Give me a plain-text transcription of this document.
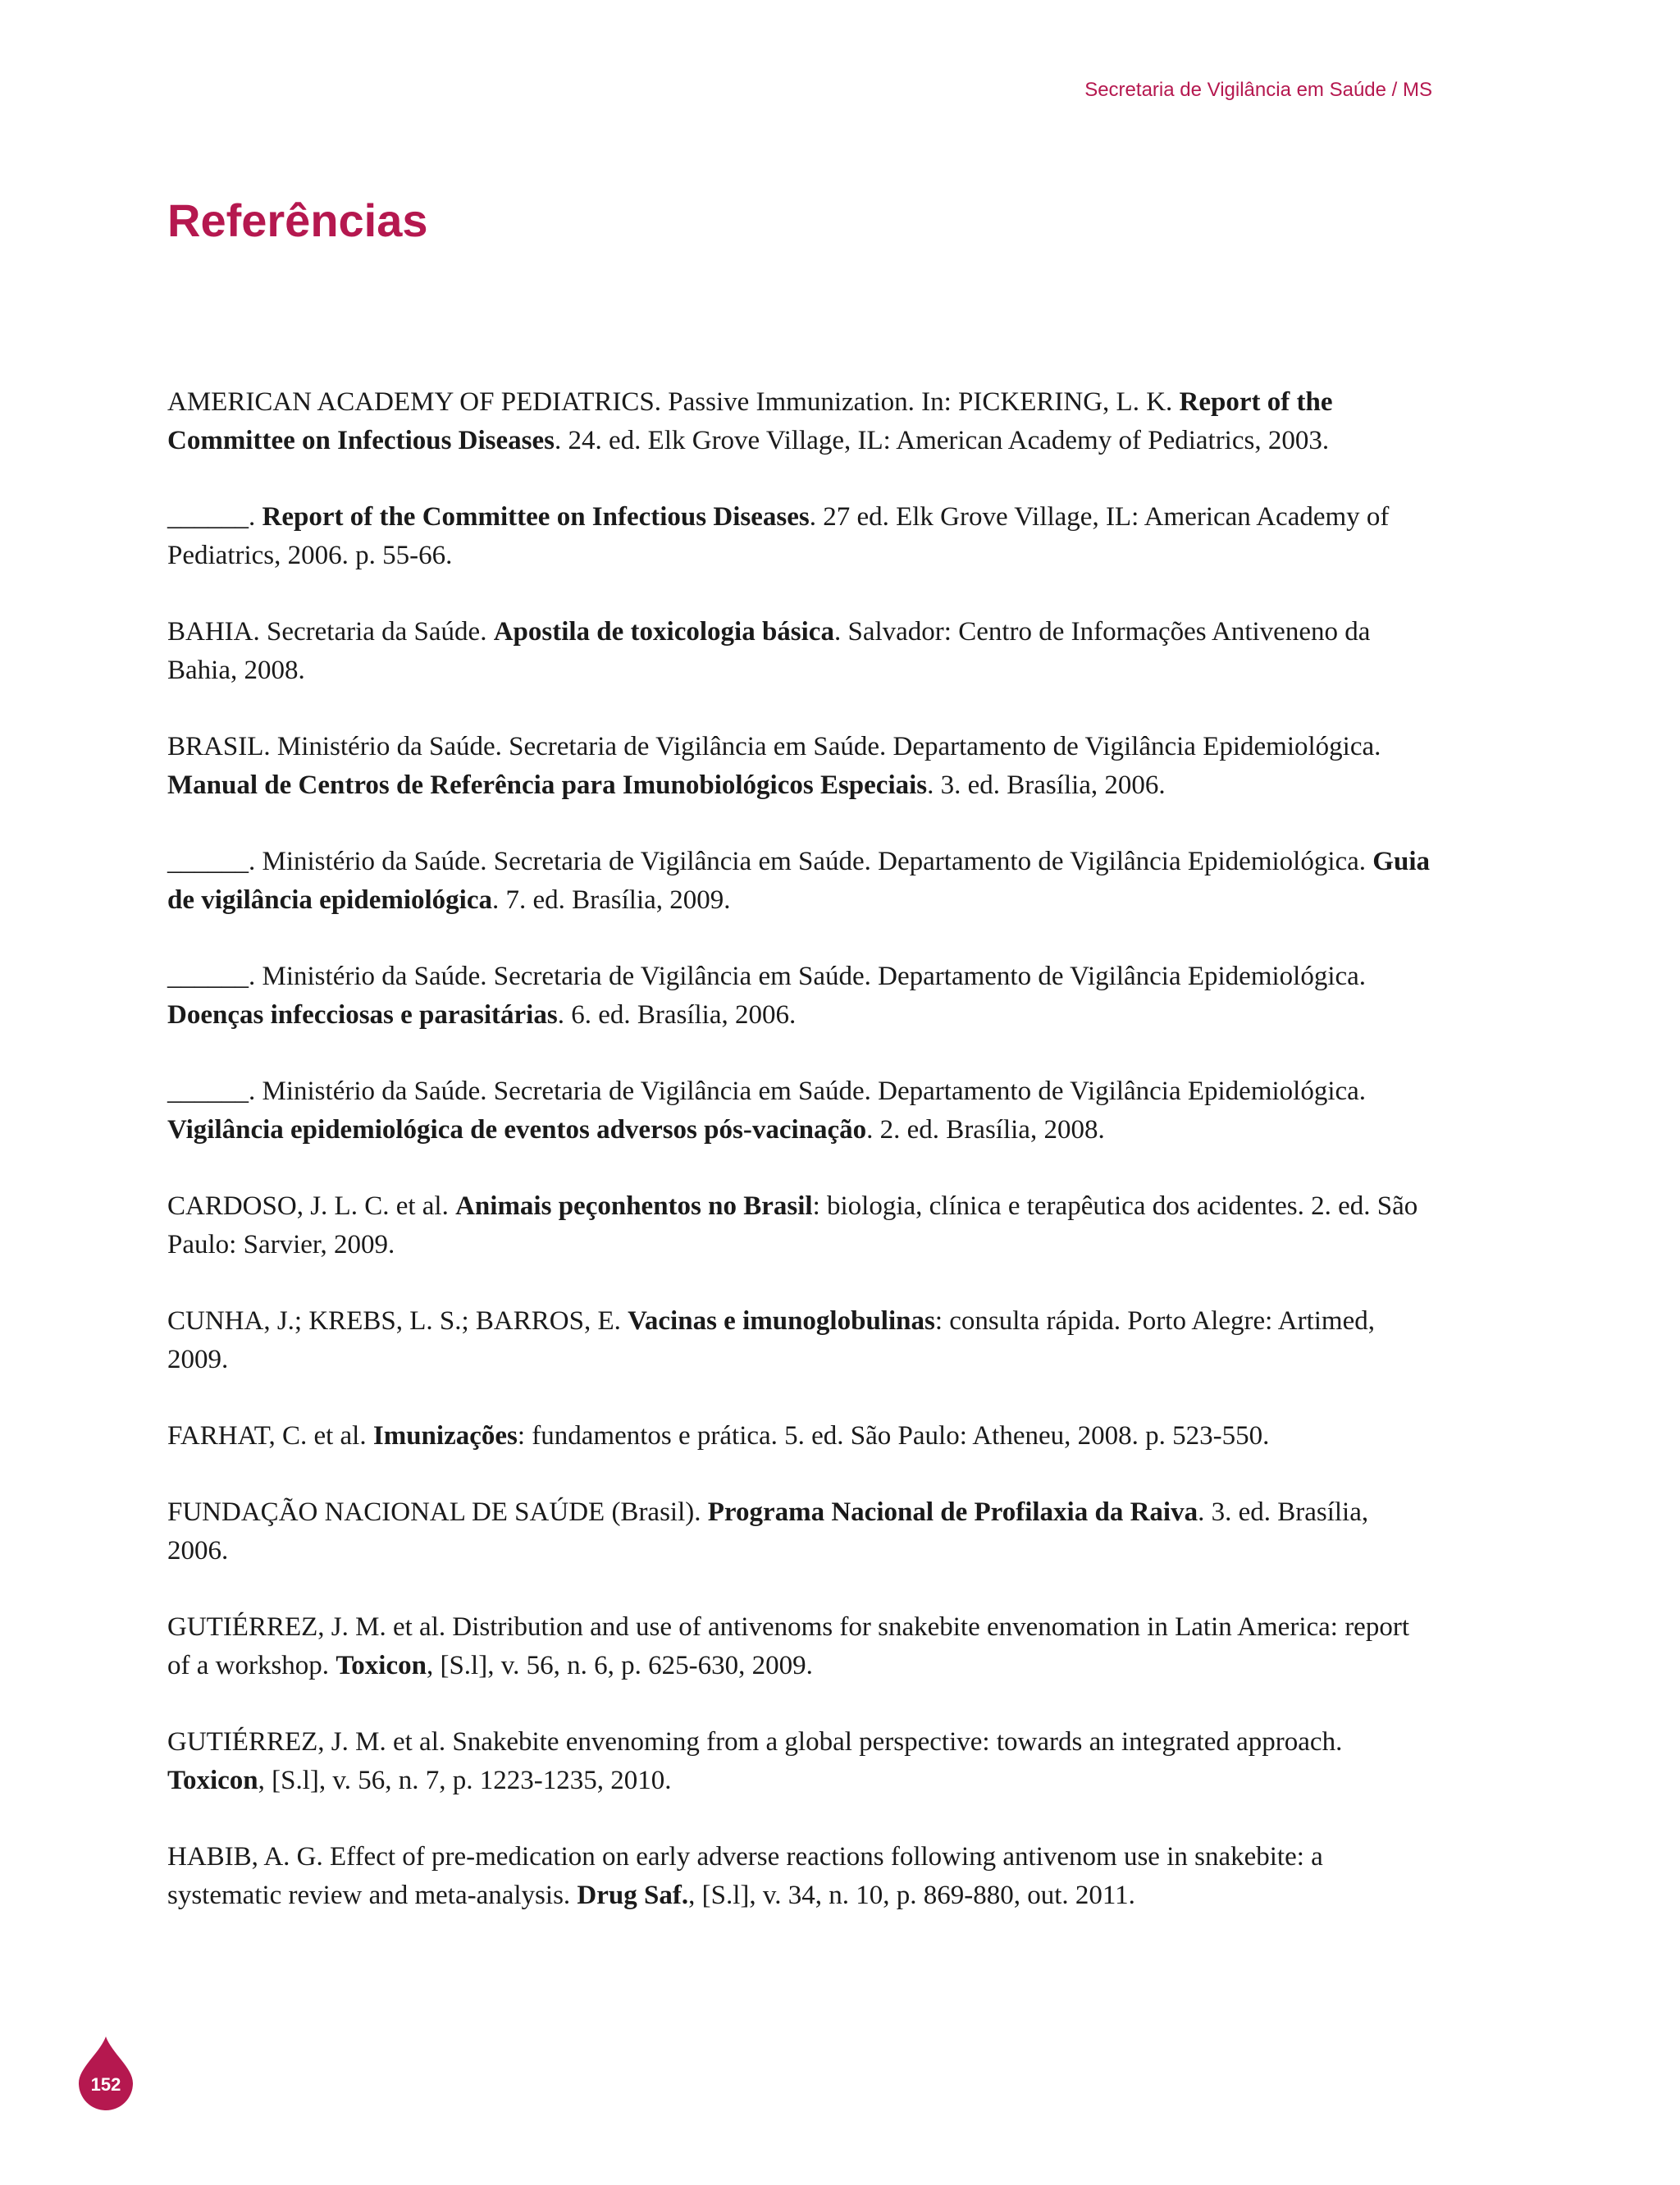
Secretaria de Vigilância em Saúde / MS
Referências
AMERICAN ACADEMY OF PEDIATRICS. Passive Immunization. In: PICKERING, L. K. Report of the Committee on Infectious Diseases. 24. ed. Elk Grove Village, IL: American Academy of Pediatrics, 2003.
______. Report of the Committee on Infectious Diseases. 27 ed. Elk Grove Village, IL: American Academy of Pediatrics, 2006. p. 55-66.
BAHIA. Secretaria da Saúde. Apostila de toxicologia básica. Salvador: Centro de Informações Antiveneno da Bahia, 2008.
BRASIL. Ministério da Saúde. Secretaria de Vigilância em Saúde. Departamento de Vigilância Epidemiológica. Manual de Centros de Referência para Imunobiológicos Especiais. 3. ed. Brasília, 2006.
______. Ministério da Saúde. Secretaria de Vigilância em Saúde. Departamento de Vigilância Epidemiológica. Guia de vigilância epidemiológica. 7. ed. Brasília, 2009.
______. Ministério da Saúde. Secretaria de Vigilância em Saúde. Departamento de Vigilância Epidemiológica. Doenças infecciosas e parasitárias. 6. ed. Brasília, 2006.
______. Ministério da Saúde. Secretaria de Vigilância em Saúde. Departamento de Vigilância Epidemiológica. Vigilância epidemiológica de eventos adversos pós-vacinação. 2. ed. Brasília, 2008.
CARDOSO, J. L. C. et al. Animais peçonhentos no Brasil: biologia, clínica e terapêutica dos acidentes. 2. ed. São Paulo: Sarvier, 2009.
CUNHA, J.; KREBS, L. S.; BARROS, E. Vacinas e imunoglobulinas: consulta rápida. Porto Alegre: Artimed, 2009.
FARHAT, C. et al. Imunizações: fundamentos e prática. 5. ed. São Paulo: Atheneu, 2008. p. 523-550.
FUNDAÇÃO NACIONAL DE SAÚDE (Brasil). Programa Nacional de Profilaxia da Raiva. 3. ed. Brasília, 2006.
GUTIÉRREZ, J. M. et al. Distribution and use of antivenoms for snakebite envenomation in Latin America: report of a workshop. Toxicon, [S.l], v. 56, n. 6, p. 625-630, 2009.
GUTIÉRREZ, J. M. et al. Snakebite envenoming from a global perspective: towards an integrated approach. Toxicon, [S.l], v. 56, n. 7, p. 1223-1235, 2010.
HABIB, A. G. Effect of pre-medication on early adverse reactions following antivenom use in snakebite: a systematic review and meta-analysis. Drug Saf., [S.l], v. 34, n. 10, p. 869-880, out. 2011.
152
